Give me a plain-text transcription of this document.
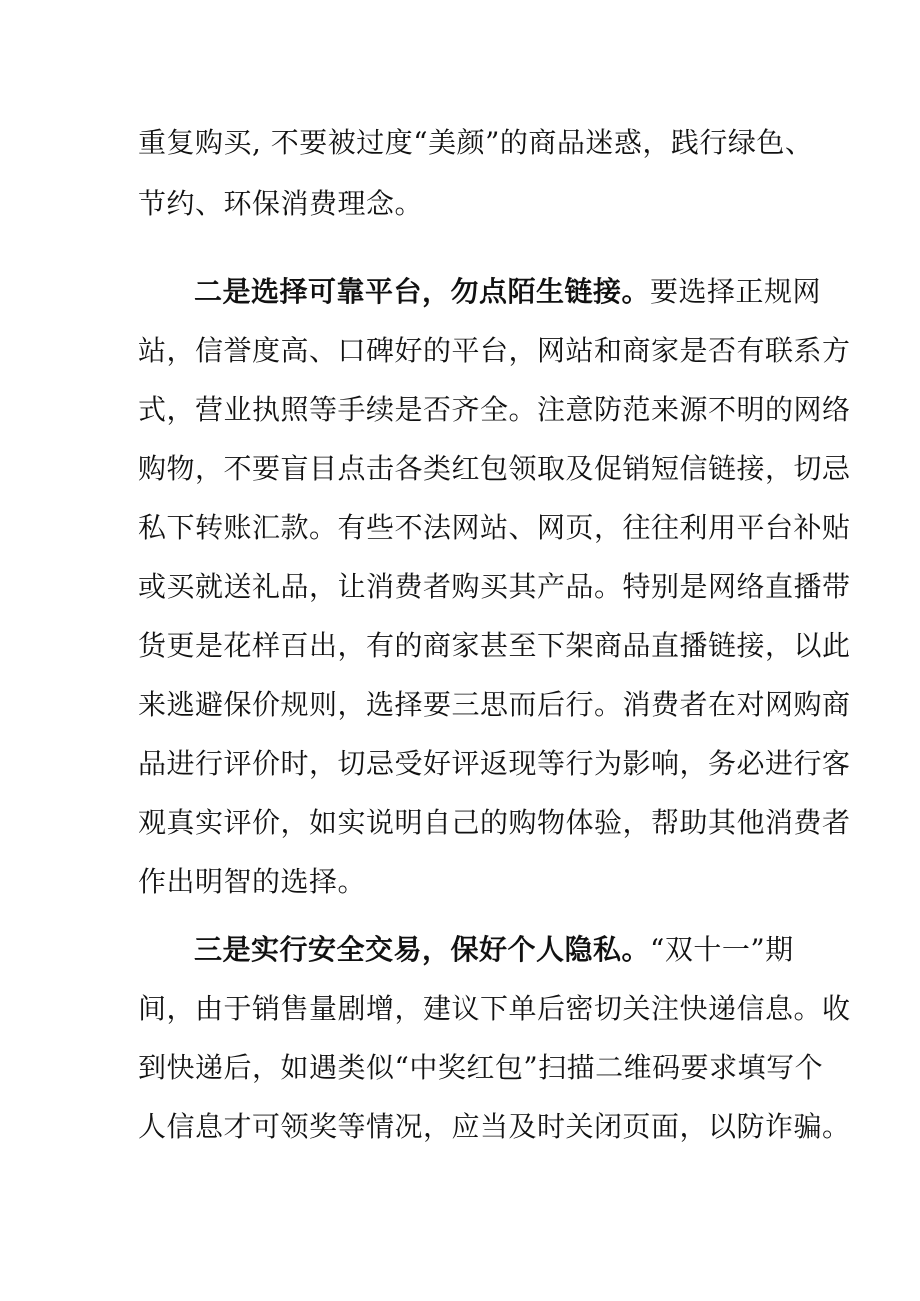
重复购买, 不要被过度“美颜”的商品迷惑，践行绿色、
节约、环保消费理念。
二是选择可靠平台，勿点陌生链接。要选择正规网
站，信誉度高、口碑好的平台，网站和商家是否有联系方
式，营业执照等手续是否齐全。注意防范来源不明的网络
购物，不要盲目点击各类红包领取及促销短信链接，切忌
私下转账汇款。有些不法网站、网页，往往利用平台补贴
或买就送礼品，让消费者购买其产品。特别是网络直播带
货更是花样百出，有的商家甚至下架商品直播链接，以此
来逃避保价规则，选择要三思而后行。消费者在对网购商
品进行评价时，切忌受好评返现等行为影响，务必进行客
观真实评价，如实说明自己的购物体验，帮助其他消费者
作出明智的选择。
三是实行安全交易，保好个人隐私。“双十一”期
间，由于销售量剧增，建议下单后密切关注快递信息。收
到快递后，如遇类似“中奖红包”扫描二维码要求填写个
人信息才可领奖等情况，应当及时关闭页面，以防诈骗。
